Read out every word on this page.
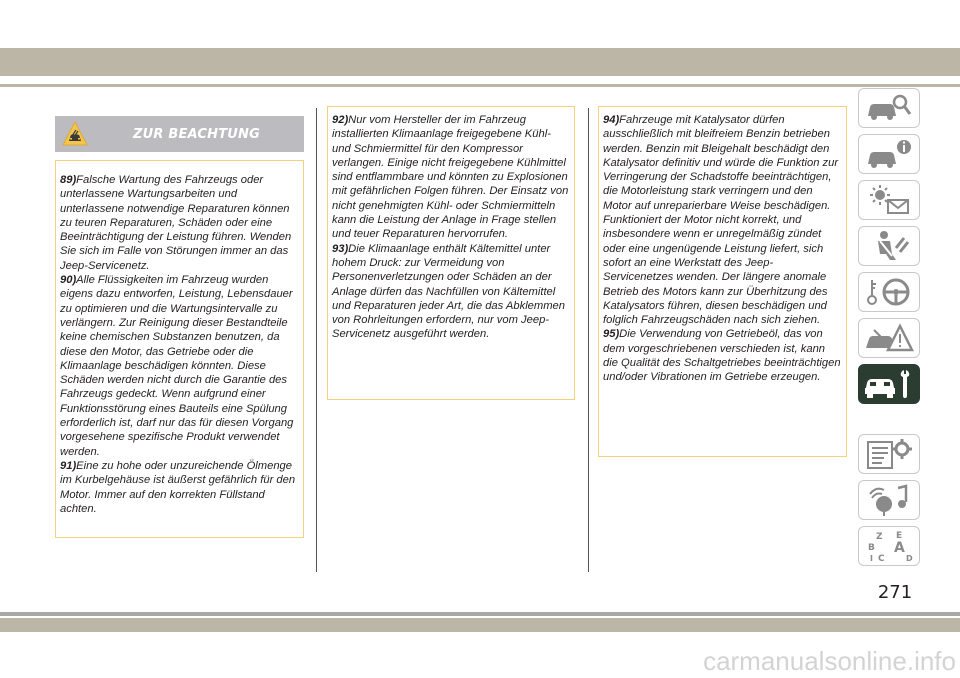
ZUR BEACHTUNG

89)Falsche Wartung des Fahrzeugs oder unterlassene Wartungsarbeiten und unterlassene notwendige Reparaturen können zu teuren Reparaturen, Schäden oder eine Beeinträchtigung der Leistung führen. Wenden Sie sich im Falle von Störungen immer an das Jeep-Servicenetz.

90)Alle Flüssigkeiten im Fahrzeug wurden eigens dazu entworfen, Leistung, Lebensdauer zu optimieren und die Wartungsintervalle zu verlängern. Zur Reinigung dieser Bestandteile keine chemischen Substanzen benutzen, da diese den Motor, das Getriebe oder die Klimaanlage beschädigen könnten. Diese Schäden werden nicht durch die Garantie des Fahrzeugs gedeckt. Wenn aufgrund einer Funktionsstörung eines Bauteils eine Spülung erforderlich ist, darf nur das für diesen Vorgang vorgesehene spezifische Produkt verwendet werden.

91)Eine zu hohe oder unzureichende Ölmenge im Kurbelgehäuse ist äußerst gefährlich für den Motor. Immer auf den korrekten Füllstand achten.

92)Nur vom Hersteller der im Fahrzeug installierten Klimaanlage freigegebene Kühl- und Schmiermittel für den Kompressor verlangen. Einige nicht freigegebene Kühlmittel sind entflammbare und könnten zu Explosionen mit gefährlichen Folgen führen. Der Einsatz von nicht genehmigten Kühl- oder Schmiermitteln kann die Leistung der Anlage in Frage stellen und teuer Reparaturen hervorrufen.

93)Die Klimaanlage enthält Kältemittel unter hohem Druck: zur Vermeidung von Personenverletzungen oder Schäden an der Anlage dürfen das Nachfüllen von Kältemittel und Reparaturen jeder Art, die das Abklemmen von Rohrleitungen erfordern, nur vom Jeep-Servicenetz ausgeführt werden.

94)Fahrzeuge mit Katalysator dürfen ausschließlich mit bleifreiem Benzin betrieben werden. Benzin mit Bleigehalt beschädigt den Katalysator definitiv und würde die Funktion zur Verringerung der Schadstoffe beeinträchtigen, die Motorleistung stark verringern und den Motor auf unreparierbare Weise beschädigen. Funktioniert der Motor nicht korrekt, und insbesondere wenn er unregelmäßig zündet oder eine ungenügende Leistung liefert, sich sofort an eine Werkstatt des Jeep-Servicenetzes wenden. Der längere anomale Betrieb des Motors kann zur Überhitzung des Katalysators führen, diesen beschädigen und folglich Fahrzeugschäden nach sich ziehen.

95)Die Verwendung von Getriebeöl, das von dem vorgeschriebenen verschieden ist, kann die Qualität des Schaltgetriebes beeinträchtigen und/oder Vibrationen im Getriebe erzeugen.

Z E
B A
C	D
I
271
carmanualsonline.info
